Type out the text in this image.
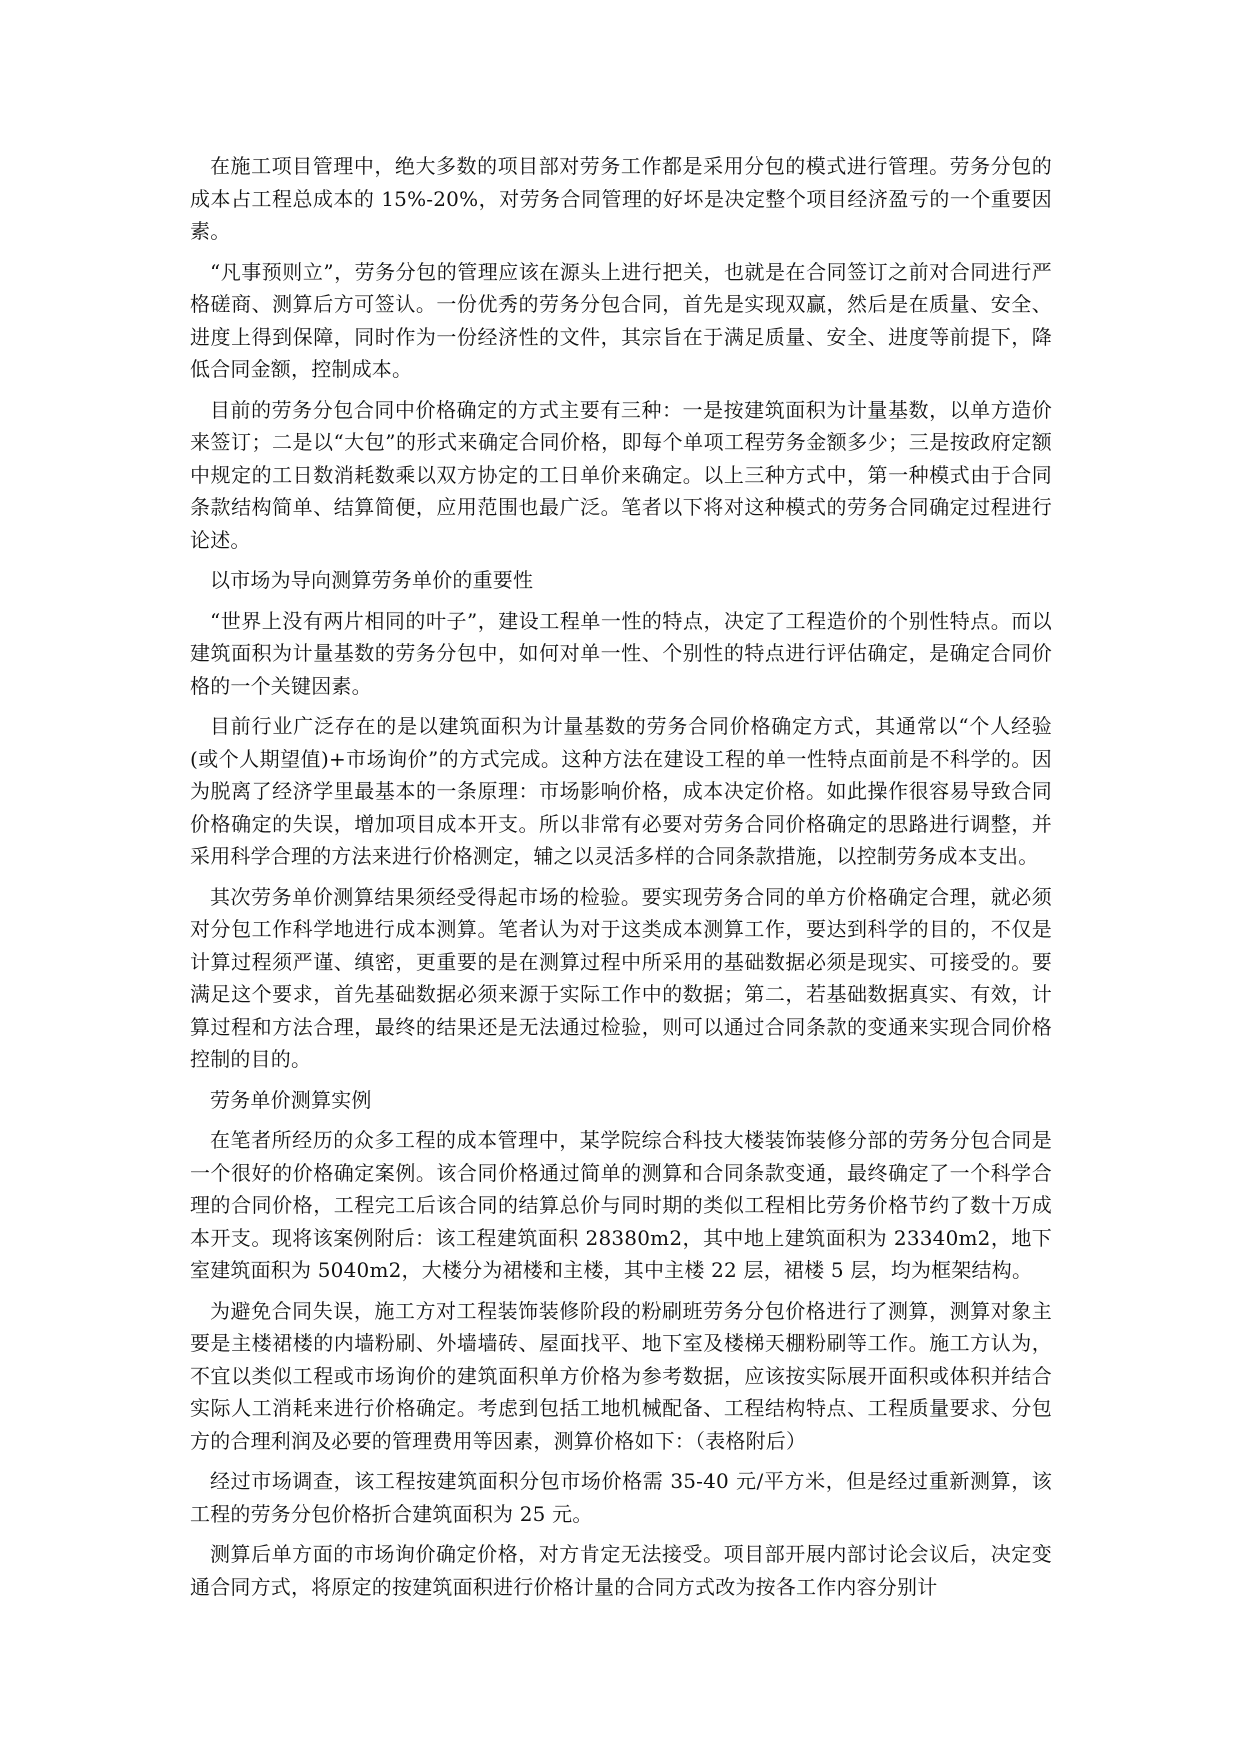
在施工项目管理中，绝大多数的项目部对劳务工作都是采用分包的模式进行管理。劳务分包的成本占工程总成本的 15%-20%，对劳务合同管理的好坏是决定整个项目经济盈亏的一个重要因素。

“凡事预则立”，劳务分包的管理应该在源头上进行把关，也就是在合同签订之前对合同进行严格磋商、测算后方可签认。一份优秀的劳务分包合同，首先是实现双赢，然后是在质量、安全、进度上得到保障，同时作为一份经济性的文件，其宗旨在于满足质量、安全、进度等前提下，降低合同金额，控制成本。

目前的劳务分包合同中价格确定的方式主要有三种：一是按建筑面积为计量基数，以单方造价来签订；二是以“大包”的形式来确定合同价格，即每个单项工程劳务金额多少；三是按政府定额中规定的工日数消耗数乘以双方协定的工日单价来确定。以上三种方式中，第一种模式由于合同条款结构简单、结算简便，应用范围也最广泛。笔者以下将对这种模式的劳务合同确定过程进行论述。

以市场为导向测算劳务单价的重要性

“世界上没有两片相同的叶子”，建设工程单一性的特点，决定了工程造价的个别性特点。而以建筑面积为计量基数的劳务分包中，如何对单一性、个别性的特点进行评估确定，是确定合同价格的一个关键因素。

目前行业广泛存在的是以建筑面积为计量基数的劳务合同价格确定方式，其通常以“个人经验(或个人期望值)+市场询价”的方式完成。这种方法在建设工程的单一性特点面前是不科学的。因为脱离了经济学里最基本的一条原理：市场影响价格，成本决定价格。如此操作很容易导致合同价格确定的失误，增加项目成本开支。所以非常有必要对劳务合同价格确定的思路进行调整，并采用科学合理的方法来进行价格测定，辅之以灵活多样的合同条款措施，以控制劳务成本支出。

其次劳务单价测算结果须经受得起市场的检验。要实现劳务合同的单方价格确定合理，就必须对分包工作科学地进行成本测算。笔者认为对于这类成本测算工作，要达到科学的目的，不仅是计算过程须严谨、缜密，更重要的是在测算过程中所采用的基础数据必须是现实、可接受的。要满足这个要求，首先基础数据必须来源于实际工作中的数据；第二，若基础数据真实、有效，计算过程和方法合理，最终的结果还是无法通过检验，则可以通过合同条款的变通来实现合同价格控制的目的。

劳务单价测算实例

在笔者所经历的众多工程的成本管理中，某学院综合科技大楼装饰装修分部的劳务分包合同是一个很好的价格确定案例。该合同价格通过简单的测算和合同条款变通，最终确定了一个科学合理的合同价格，工程完工后该合同的结算总价与同时期的类似工程相比劳务价格节约了数十万成本开支。现将该案例附后：该工程建筑面积 28380m2，其中地上建筑面积为 23340m2，地下室建筑面积为 5040m2，大楼分为裙楼和主楼，其中主楼 22 层，裙楼 5 层，均为框架结构。

为避免合同失误，施工方对工程装饰装修阶段的粉刷班劳务分包价格进行了测算，测算对象主要是主楼裙楼的内墙粉刷、外墙墙砖、屋面找平、地下室及楼梯天棚粉刷等工作。施工方认为，不宜以类似工程或市场询价的建筑面积单方价格为参考数据，应该按实际展开面积或体积并结合实际人工消耗来进行价格确定。考虑到包括工地机械配备、工程结构特点、工程质量要求、分包方的合理利润及必要的管理费用等因素，测算价格如下：（表格附后）

经过市场调查，该工程按建筑面积分包市场价格需 35-40 元/平方米，但是经过重新测算，该工程的劳务分包价格折合建筑面积为 25 元。

测算后单方面的市场询价确定价格，对方肯定无法接受。项目部开展内部讨论会议后，决定变通合同方式，将原定的按建筑面积进行价格计量的合同方式改为按各工作内容分别计
